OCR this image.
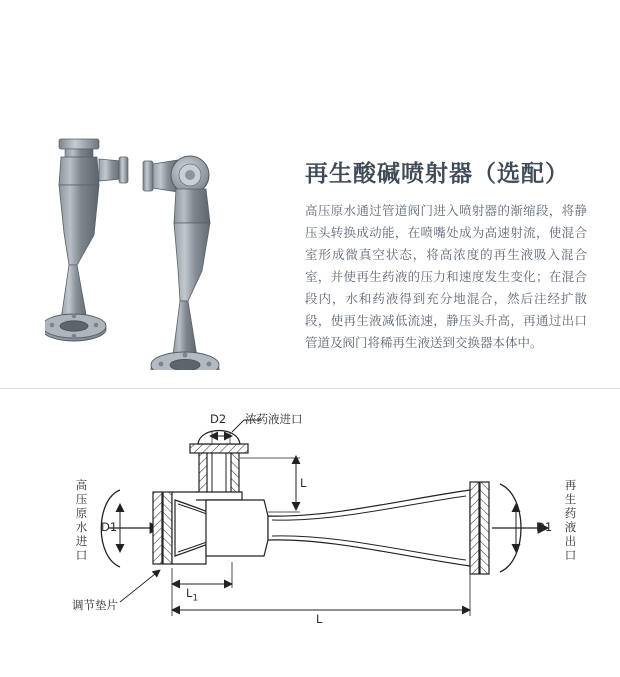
再生酸碱喷射器（选配）
高压原水通过管道阀门进入喷射器的渐缩段，将静压头转换成动能，在喷嘴处成为高速射流，使混合室形成微真空状态，将高浓度的再生液吸入混合室，并使再生药液的压力和速度发生变化；在混合段内，水和药液得到充分地混合，然后注经扩散段，使再生液减低流速，静压头升高，再通过出口管道及阀门将稀再生液送到交换器本体中。
浓药液进口
D2
高压原水进口
D1
再生药液出口
D1
L
$L_1$
L
调节垫片
